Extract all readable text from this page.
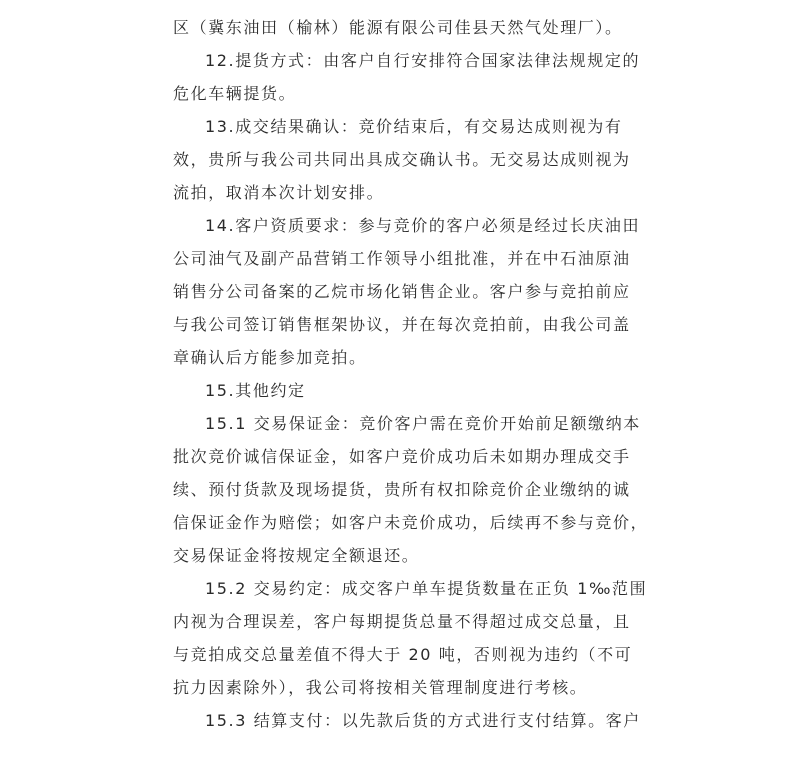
区（冀东油田（榆林）能源有限公司佳县天然气处理厂）。
12.提货方式：由客户自行安排符合国家法律法规规定的
危化车辆提货。
13.成交结果确认：竞价结束后，有交易达成则视为有
效，贵所与我公司共同出具成交确认书。无交易达成则视为
流拍，取消本次计划安排。
14.客户资质要求：参与竞价的客户必须是经过长庆油田
公司油气及副产品营销工作领导小组批准，并在中石油原油
销售分公司备案的乙烷市场化销售企业。客户参与竞拍前应
与我公司签订销售框架协议，并在每次竞拍前，由我公司盖
章确认后方能参加竞拍。
15.其他约定
15.1 交易保证金：竞价客户需在竞价开始前足额缴纳本
批次竞价诚信保证金，如客户竞价成功后未如期办理成交手
续、预付货款及现场提货，贵所有权扣除竞价企业缴纳的诚
信保证金作为赔偿；如客户未竞价成功，后续再不参与竞价，
交易保证金将按规定全额退还。
15.2 交易约定：成交客户单车提货数量在正负 1‰范围
内视为合理误差，客户每期提货总量不得超过成交总量，且
与竞拍成交总量差值不得大于 20 吨，否则视为违约（不可
抗力因素除外），我公司将按相关管理制度进行考核。
15.3 结算支付：以先款后货的方式进行支付结算。客户
